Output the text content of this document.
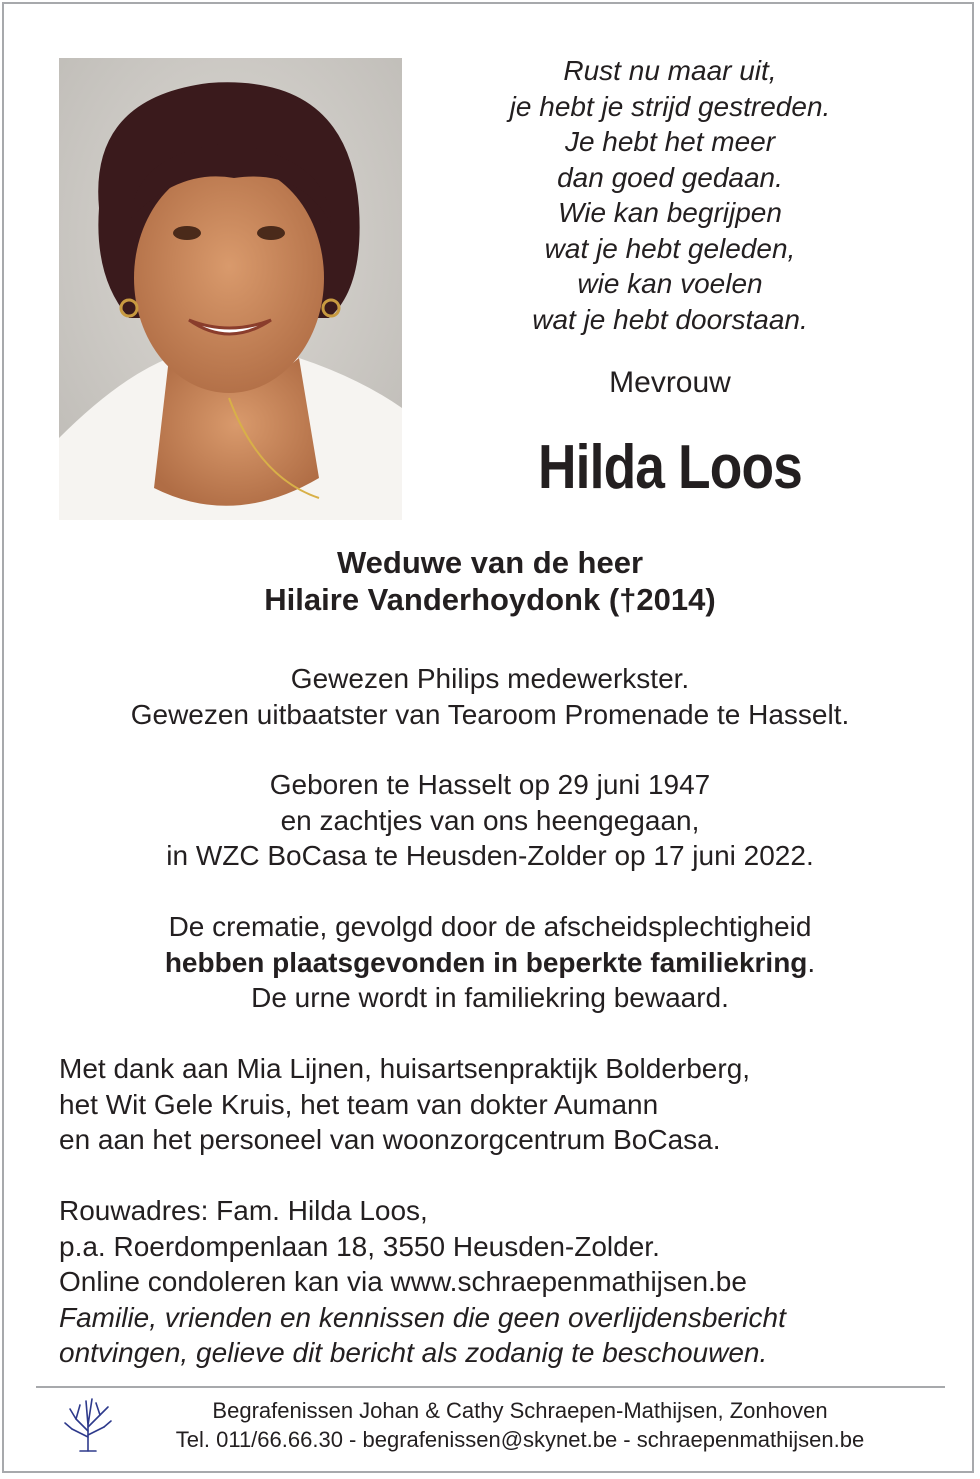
Rust nu maar uit,
je hebt je strijd gestreden.
Je hebt het meer
dan goed gedaan.
Wie kan begrijpen
wat je hebt geleden,
wie kan voelen
wat je hebt doorstaan.
Mevrouw
Hilda Loos
Weduwe van de heer
Hilaire Vanderhoydonk (†2014)
Gewezen Philips medewerkster.
Gewezen uitbaatster van Tearoom Promenade te Hasselt.
Geboren te Hasselt op 29 juni 1947
en zachtjes van ons heengegaan,
in WZC BoCasa te Heusden-Zolder op 17 juni 2022.
De crematie, gevolgd door de afscheidsplechtigheid
hebben plaatsgevonden in beperkte familiekring.
De urne wordt in familiekring bewaard.
Met dank aan Mia Lijnen, huisartsenpraktijk Bolderberg,
het Wit Gele Kruis, het team van dokter Aumann
en aan het personeel van woonzorgcentrum BoCasa.
Rouwadres: Fam. Hilda Loos,
p.a. Roerdompenlaan 18, 3550 Heusden-Zolder.
Online condoleren kan via www.schraepenmathijsen.be
Familie, vrienden en kennissen die geen overlijdensbericht
ontvingen, gelieve dit bericht als zodanig te beschouwen.
Begrafenissen Johan & Cathy Schraepen-Mathijsen, Zonhoven
Tel. 011/66.66.30 - begrafenissen@skynet.be - schraepenmathijsen.be
